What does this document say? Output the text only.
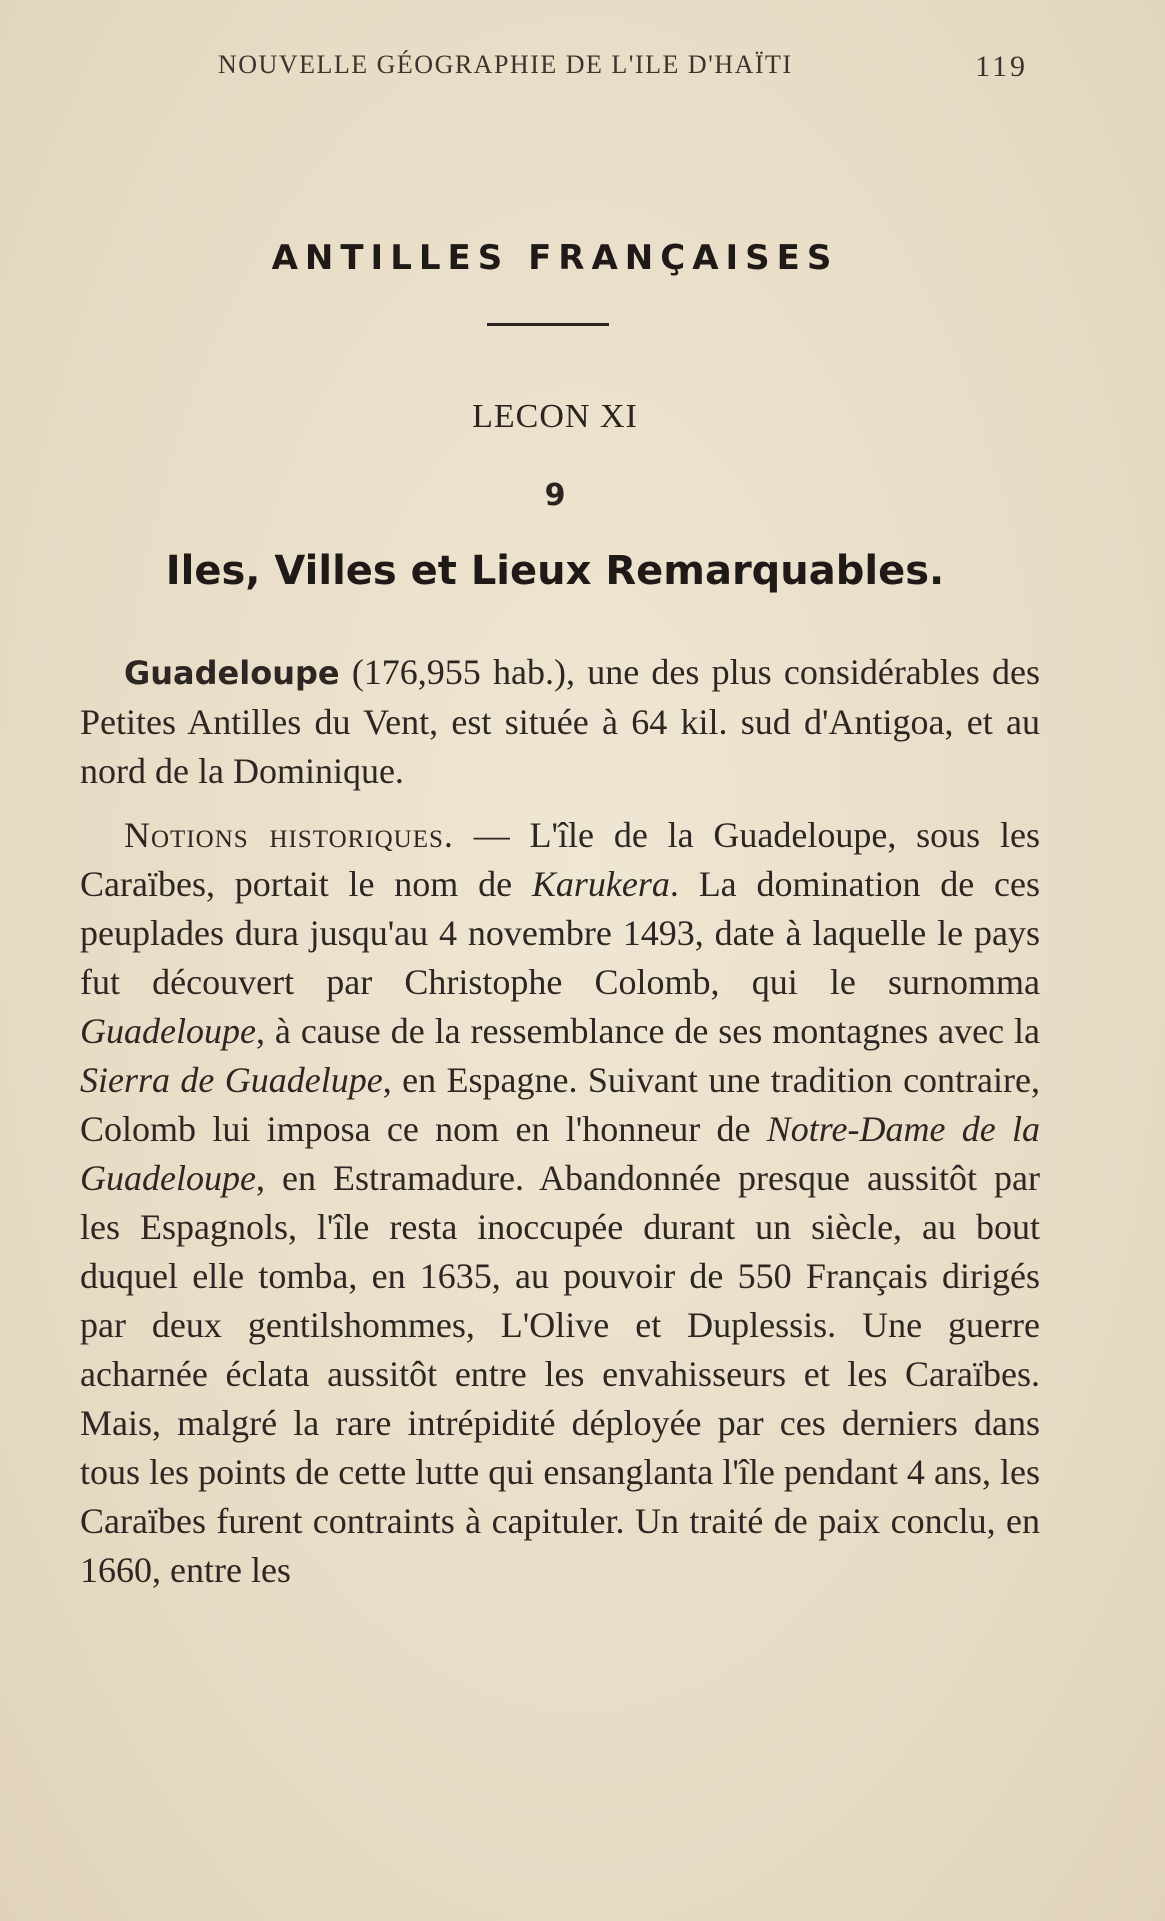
NOUVELLE GÉOGRAPHIE DE L'ILE D'HAÏTI	119
ANTILLES FRANÇAISES
LECON XI
9
Iles, Villes et Lieux Remarquables.

Guadeloupe (176,955 hab.), une des plus considérables des Petites Antilles du Vent, est située à 64 kil. sud d'Antigoa, et au nord de la Dominique.

Notions historiques. — L'île de la Guadeloupe, sous les Caraïbes, portait le nom de Karukera. La domination de ces peuplades dura jusqu'au 4 novembre 1493, date à laquelle le pays fut découvert par Christophe Colomb, qui le surnomma Guadeloupe, à cause de la ressemblance de ses montagnes avec la Sierra de Guadelupe, en Espagne. Suivant une tradition contraire, Colomb lui imposa ce nom en l'honneur de Notre-Dame de la Guadeloupe, en Estramadure. Abandonnée presque aussitôt par les Espagnols, l'île resta inoccupée durant un siècle, au bout duquel elle tomba, en 1635, au pouvoir de 550 Français dirigés par deux gentilshommes, L'Olive et Duplessis. Une guerre acharnée éclata aussitôt entre les envahisseurs et les Caraïbes. Mais, malgré la rare intrépidité déployée par ces derniers dans tous les points de cette lutte qui ensanglanta l'île pendant 4 ans, les Caraïbes furent contraints à capituler. Un traité de paix conclu, en 1660, entre les
